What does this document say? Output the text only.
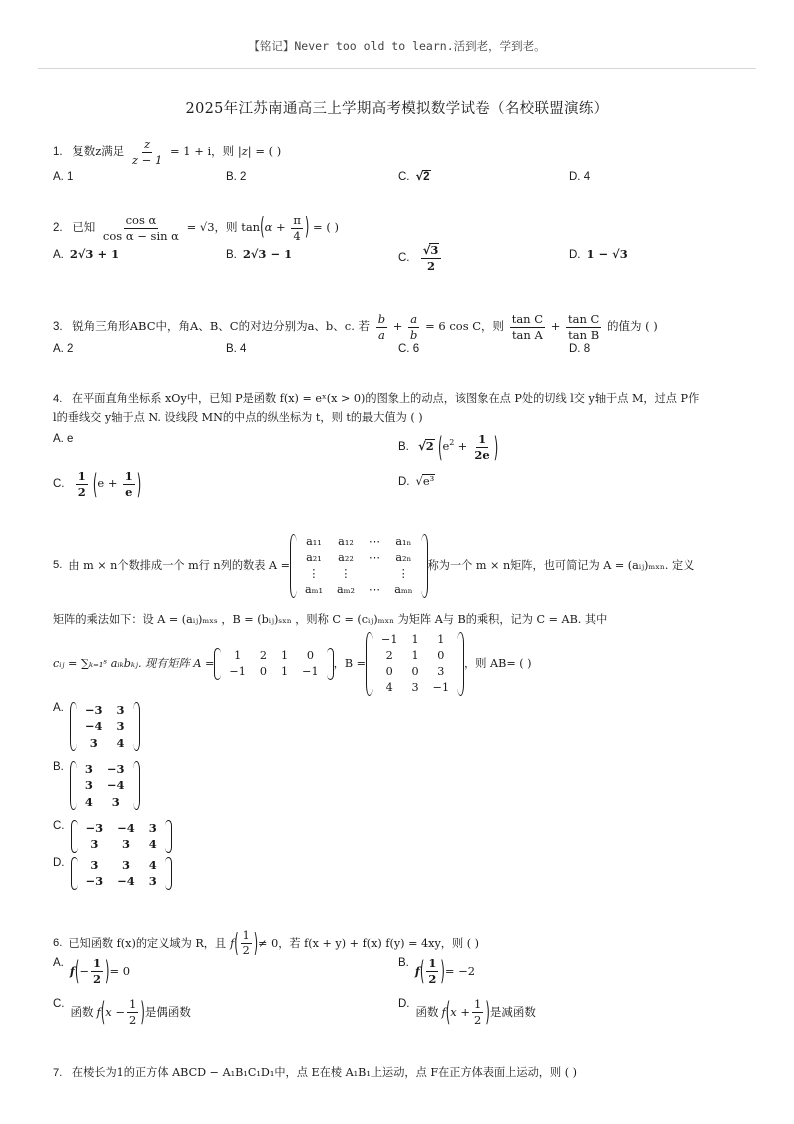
【铭记】Never too old to learn.活到老，学到老。
2025年江苏南通高三上学期高考模拟数学试卷（名校联盟演练）
1. 复数z满足 $\frac{z}{z - 1} = 1 + i$，则 |z| = ( )
A. 1	B. 2	C. √2	D. 4
2. 已知 $\frac{\text{cos α}}{\text{cos α − sin α}} = √3$，则 $\tan(\alpha + \frac{\pi}{4}$ ) = ( )
A. 2√3 + 1	B. 2√3 − 1	C. $\frac{√3}{2}$	D. 1 − √3
3. 锐角三角形ABC中，角A、B、C的对边分别为a、b、c. 若 $\frac{b}{a} + \frac{a}{b} = 6$ cos C，则 $\frac{\text{tan C}}{\text{tan A}} + \frac{\text{tan C}}{\text{tan B}}$ 的值为 ( )
A. 2	B. 4	C. 6	D. 8
4. 在平面直角坐标系 xOy中，已知 P是函数 f(x) = eˣ(x > 0)的图象上的动点，该图象在点 P处的切线 l交 y轴于点 M，过点 P作
l的垂线交 y轴于点 N. 设线段 MN的中点的纵坐标为 t，则 t的最大值为 ( )
A. e
B. √2 ($e^2 + \frac{1}{2e}$ )
C. $\frac{1}{2} (e + \frac{1}{e}$ )	D. √e³
5. 由 m × n个数排成一个 m行 n列的数表 A =
a₁₁	a₁₂	⋯	a₁ₙ
a₂₁	a₂₂	⋯	a₂ₙ
⋮	⋮		⋮
aₘ₁	aₘ₂	⋯	aₘₙ
称为一个 m × n矩阵，也可简记为 A = (aᵢⱼ)ₘₓₙ. 定义
矩阵的乘法如下：设 A = (aᵢⱼ)ₘₓₛ ，B = (bᵢⱼ)ₛₓₙ ，则称 C = (cᵢⱼ)ₘₓₙ 为矩阵 A与 B的乘积，记为 C = AB. 其中
cᵢⱼ = ∑ₖ₌₁ˢ aᵢₖbₖⱼ. 现有矩阵 A =
1	2	1	0
−1	0	1	−1
，B =
−1	1	1
2	1	0
0	0	3
4	3	−1
，则 AB= ( )
A. −3	3
−4	3
3	4
B. 3	−3
3	−4
4	3
C. −3	−4	3
3	3	4
D. 3	3	4
−3	−4	3
6. 已知函数 f(x)的定义域为 R，且 f ( $\frac{1}{2}$ ) ≠ 0，若 f(x + y) + f(x) f(y) = 4xy，则 ( )
A.
f ( − $\frac{1}{2}$ ) = 0
B.
f ( $\frac{1}{2}$ ) = −2
C.
函数 f ( $x - \frac{1}{2}$ ) 是偶函数
D.
函数 f ( $x + \frac{1}{2}$ ) 是减函数
7. 在棱长为1的正方体 ABCD − A₁B₁C₁D₁中，点 E在棱 A₁B₁上运动，点 F在正方体表面上运动，则 ( )
